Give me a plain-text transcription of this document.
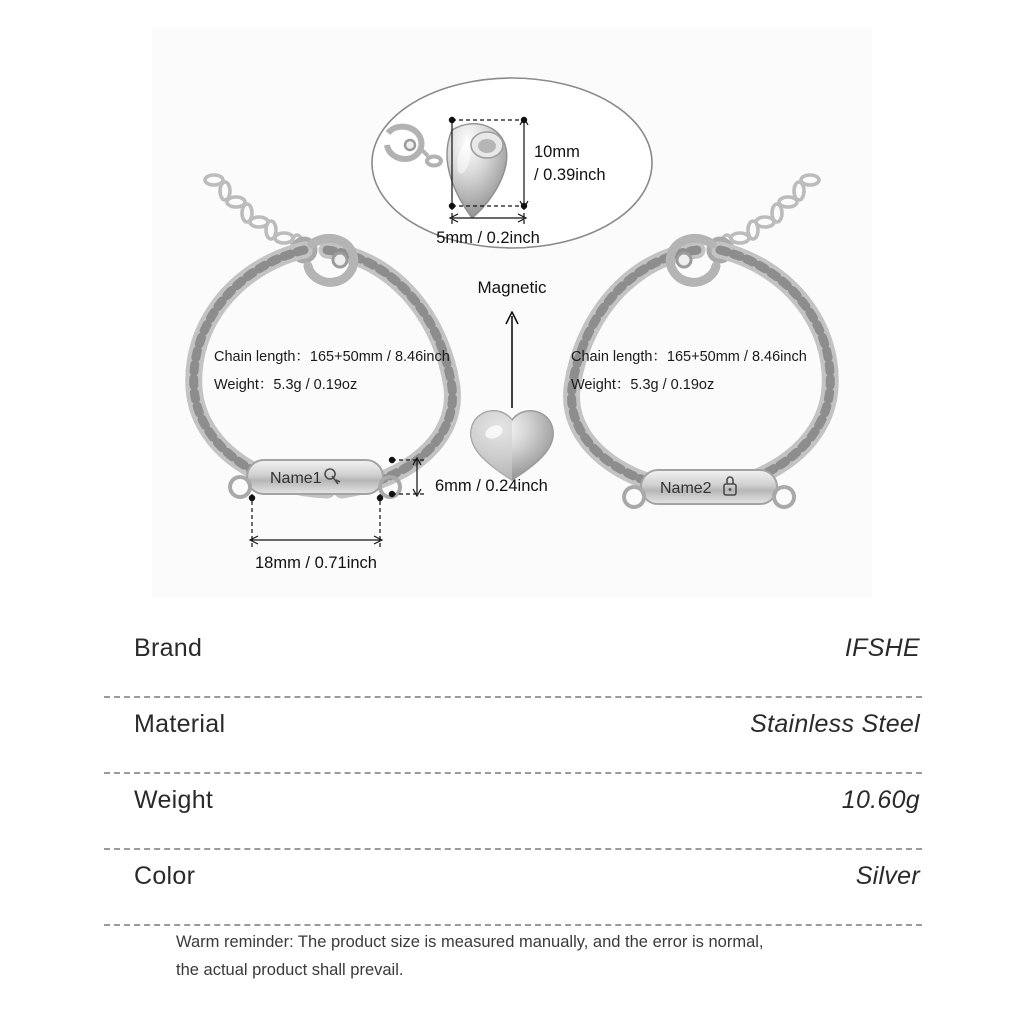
Name1
Chain length：165+50mm / 8.46inch
Weight：5.3g / 0.19oz
Name2
Chain length：165+50mm / 8.46inch
Weight：5.3g / 0.19oz
Magnetic
10mm
/ 0.39inch
5mm / 0.2inch
6mm / 0.24inch
18mm / 0.71inch
Brand	IFSHE
Material	Stainless Steel
Weight	10.60g
Color	Silver
Warm reminder: The product size is measured manually, and the error is normal,
the actual product shall prevail.
